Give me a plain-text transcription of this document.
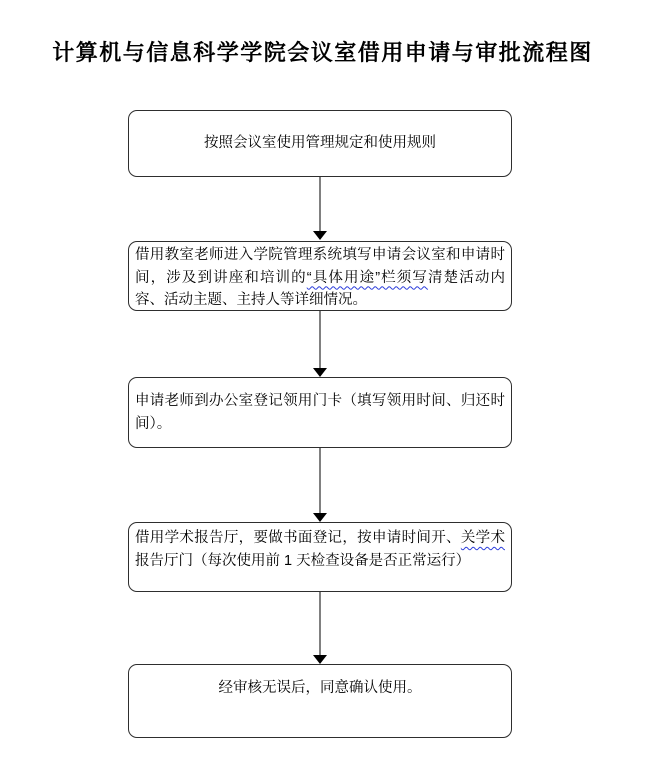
计算机与信息科学学院会议室借用申请与审批流程图
按照会议室使用管理规定和使用规则
借用教室老师进入学院管理系统填写申请会议室和申请时间，涉及到讲座和培训的“具体用途”栏须写清楚活动内容、活动主题、主持人等详细情况。
申请老师到办公室登记领用门卡（填写领用时间、归还时间）。
借用学术报告厅，要做书面登记，按申请时间开、关学术报告厅门（每次使用前 1 天检查设备是否正常运行）
经审核无误后，同意确认使用。
